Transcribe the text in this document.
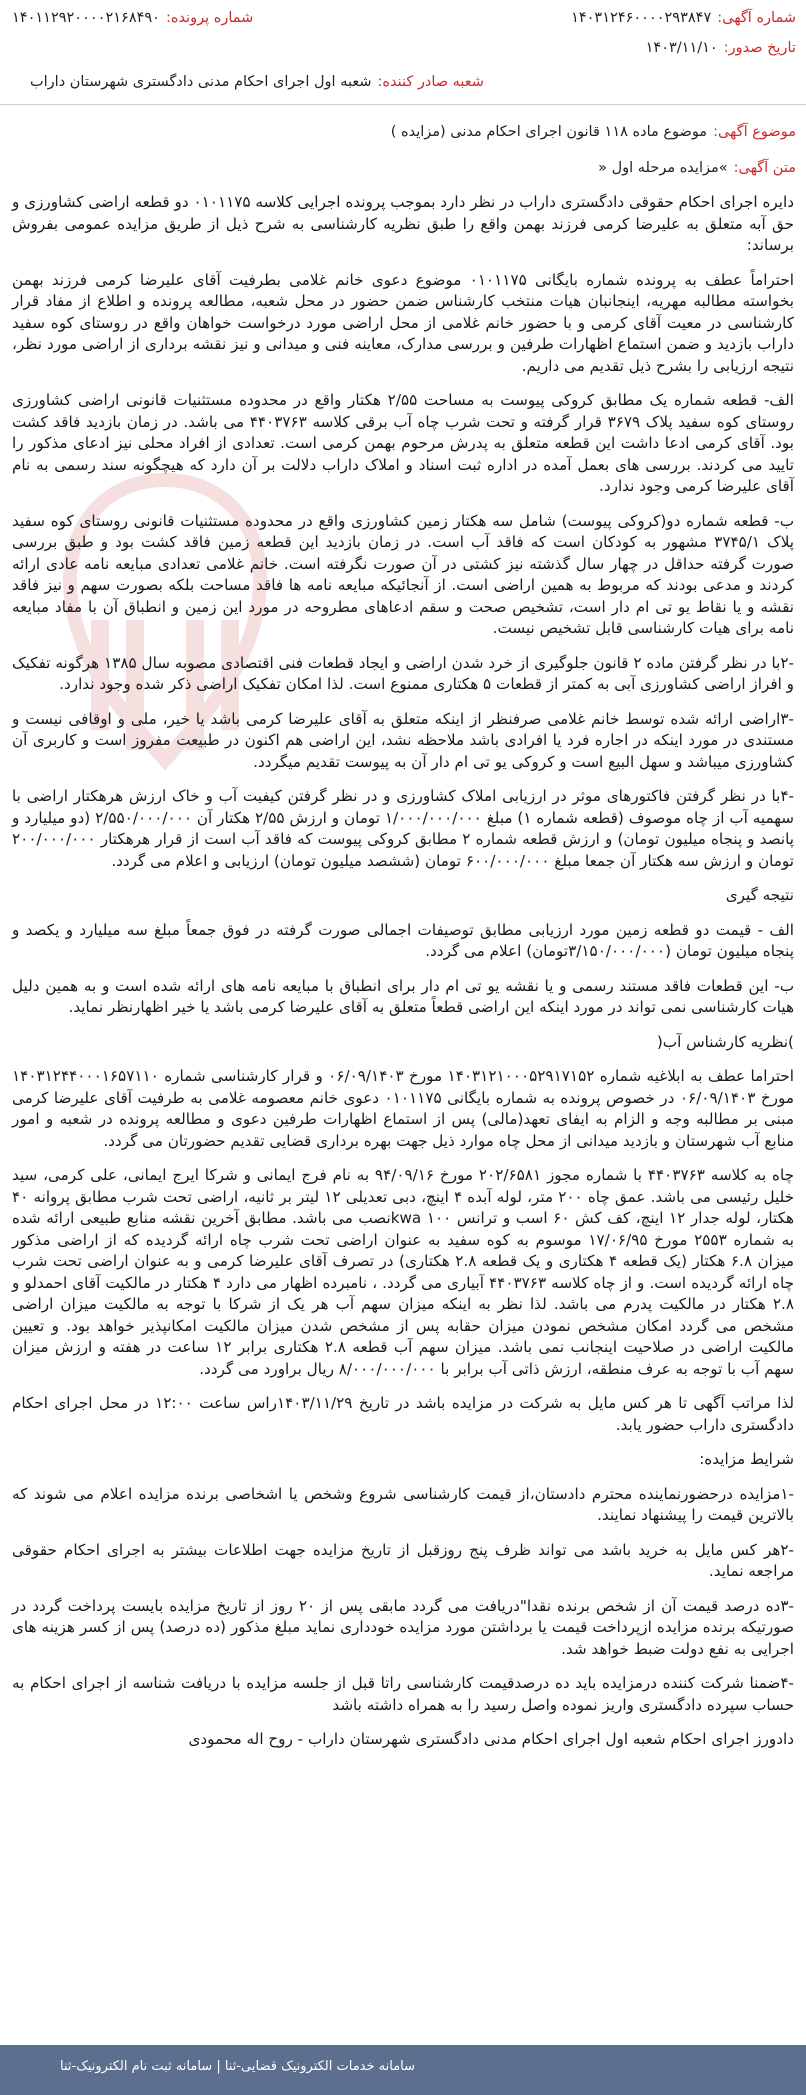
شماره آگهی:۱۴۰۳۱۲۴۶۰۰۰۰۲۹۳۸۴۷
شماره پرونده:۱۴۰۱۱۲۹۲۰۰۰۰۲۱۶۸۴۹۰
تاریخ صدور:۱۴۰۳/۱۱/۱۰
شعبه صادر کننده:شعبه اول اجرای احکام مدنی دادگستری شهرستان داراب
موضوع آگهی:موضوع ماده ۱۱۸ قانون اجرای احکام مدنی (مزایده )
متن آگهی:»مزایده مرحله اول «

دایره اجرای احکام حقوقی دادگستری داراب در نظر دارد بموجب پرونده اجرایی کلاسه ۰۱۰۱۱۷۵ دو قطعه اراضی کشاورزی و حق آبه متعلق به علیرضا کرمی فرزند بهمن واقع را طبق نظریه کارشناسی به شرح ذیل از طریق مزایده عمومی بفروش برساند:

احتراماً عطف به پرونده شماره بایگانی ۰۱۰۱۱۷۵ موضوع دعوی خانم غلامی بطرفیت آقای علیرضا کرمی فرزند بهمن بخواسته مطالبه مهریه، اینجانبان هیات منتخب کارشناس ضمن حضور در محل شعبه، مطالعه پرونده و اطلاع از مفاد قرار کارشناسی در معیت آقای کرمی و با حضور خانم غلامی از محل اراضی مورد درخواست خواهان واقع در روستای کوه سفید داراب بازدید و ضمن استماع اظهارات طرفین و بررسی مدارک، معاینه فنی و میدانی و نیز نقشه برداری از اراضی مورد نظر، نتیجه ارزیابی را بشرح ذیل تقدیم می داریم.

الف- قطعه شماره یک مطابق کروکی پیوست به مساحت ۲/۵۵ هکتار واقع در محدوده مستثنیات قانونی اراضی کشاورزی روستای کوه سفید پلاک ۳۶۷۹ قرار گرفته و تحت شرب چاه آب برقی کلاسه ۴۴۰۳۷۶۳ می باشد. در زمان بازدید فاقد کشت بود. آقای کرمی ادعا داشت این قطعه متعلق به پدرش مرحوم بهمن کرمی است. تعدادی از افراد محلی نیز ادعای مذکور را تایید می کردند. بررسی های بعمل آمده در اداره ثبت اسناد و املاک داراب دلالت بر آن دارد که هیچگونه سند رسمی به نام آقای علیرضا کرمی وجود ندارد.

ب- قطعه شماره دو(کروکی پیوست) شامل سه هکتار زمین کشاورزی واقع در محدوده مستثنیات قانونی روستای کوه سفید پلاک ۳۷۴۵/۱ مشهور به کودکان است که فاقد آب است. در زمان بازدید این قطعه زمین فاقد کشت بود و طبق بررسی صورت گرفته حداقل در چهار سال گذشته نیز کشتی در آن صورت نگرفته است. خانم غلامی تعدادی مبایعه نامه عادی ارائه کردند و مدعی بودند که مربوط به همین اراضی است. از آنجائیکه مبایعه نامه ها فاقد مساحت بلکه بصورت سهم و نیز فاقد نقشه و یا نقاط یو تی ام دار است، تشخیص صحت و سقم ادعاهای مطروحه در مورد این زمین و انطباق آن با مفاد مبایعه نامه برای هیات کارشناسی قابل تشخیص نیست.

-۲با در نظر گرفتن ماده ۲ قانون جلوگیری از خرد شدن اراضی و ایجاد قطعات فنی اقتصادی مصوبه سال ۱۳۸۵ هرگونه تفکیک و افراز اراضی کشاورزی آبی به کمتر از قطعات ۵ هکتاری ممنوع است. لذا امکان تفکیک اراضی ذکر شده وجود ندارد.

-۳اراضی ارائه شده توسط خانم غلامی صرفنظر از اینکه متعلق به آقای علیرضا کرمی باشد یا خیر، ملی و اوقافی نیست و مستندی در مورد اینکه در اجاره فرد یا افرادی باشد ملاحظه نشد، این اراضی هم اکنون در طبیعت مفروز است و کاربری آن کشاورزی میباشد و سهل البیع است و کروکی یو تی ام دار آن به پیوست تقدیم میگردد.

-۴با در نظر گرفتن فاکتورهای موثر در ارزیابی املاک کشاورزی و در نظر گرفتن کیفیت آب و خاک ارزش هرهکتار اراضی با سهمیه آب از چاه موصوف (قطعه شماره ۱) مبلغ ۱/۰۰۰/۰۰۰/۰۰۰ تومان و ارزش ۲/۵۵ هکتار آن ۲/۵۵۰/۰۰۰/۰۰۰ (دو میلیارد و پانصد و پنجاه میلیون تومان) و ارزش قطعه شماره ۲ مطابق کروکی پیوست که فاقد آب است از قرار هرهکتار ۲۰۰/۰۰۰/۰۰۰ تومان و ارزش سه هکتار آن جمعا مبلغ ۶۰۰/۰۰۰/۰۰۰ تومان (ششصد میلیون تومان) ارزیابی و اعلام می گردد.

نتیجه گیری

الف - قیمت دو قطعه زمین مورد ارزیابی مطابق توصیفات اجمالی صورت گرفته در فوق جمعاً مبلغ سه میلیارد و یکصد و پنجاه میلیون تومان (۳/۱۵۰/۰۰۰/۰۰۰تومان) اعلام می گردد.

ب- این قطعات فاقد مستند رسمی و یا نقشه یو تی ام دار برای انطباق با مبایعه نامه های ارائه شده است و به همین دلیل هیات کارشناسی نمی تواند در مورد اینکه این اراضی قطعاً متعلق به آقای علیرضا کرمی باشد یا خیر اظهارنظر نماید.

)نظریه کارشناس آب(

احتراما عطف به ابلاغیه شماره ۱۴۰۳۱۲۱۰۰۰۵۲۹۱۷۱۵۲ مورخ ۰۶/۰۹/۱۴۰۳ و قرار کارشناسی شماره ۱۴۰۳۱۲۴۴۰۰۰۱۶۵۷۱۱۰ مورخ ۰۶/۰۹/۱۴۰۳ در خصوص پرونده به شماره بایگانی ۰۱۰۱۱۷۵ دعوی خانم معصومه غلامی به طرفیت آقای علیرضا کرمی مبنی بر مطالبه وجه و الزام به ایفای تعهد(مالی) پس از استماع اظهارات طرفین دعوی و مطالعه پرونده در شعبه و امور منابع آب شهرستان و بازدید میدانی از محل چاه موارد ذیل جهت بهره برداری قضایی تقدیم حضورتان می گردد.

چاه به کلاسه ۴۴۰۳۷۶۳ با شماره مجوز ۲۰۲/۶۵۸۱ مورخ ۹۴/۰۹/۱۶ به نام فرج ایمانی و شرکا ایرج ایمانی، علی کرمی، سید خلیل رئیسی می باشد. عمق چاه ۲۰۰ متر، لوله آبده ۴ اینچ، دبی تعدیلی ۱۲ لیتر بر ثانیه، اراضی تحت شرب مطابق پروانه ۴۰ هکتار، لوله جدار ۱۲ اینچ، کف کش ۶۰ اسب و ترانس ۱۰۰ kwaنصب می باشد. مطابق آخرین نقشه منابع طبیعی ارائه شده به شماره ۲۵۵۳ مورخ ۱۷/۰۶/۹۵ موسوم به کوه سفید به عنوان اراضی تحت شرب چاه ارائه گردیده که از اراضی مذکور میزان ۶.۸ هکتار (یک قطعه ۴ هکتاری و یک قطعه ۲.۸ هکتاری) در تصرف آقای علیرضا کرمی و به عنوان اراضی تحت شرب چاه ارائه گردیده است. و از چاه کلاسه ۴۴۰۳۷۶۳ آبیاری می گردد. ، نامبرده اظهار می دارد ۴ هکتار در مالکیت آقای احمدلو و ۲.۸ هکتار در مالکیت پدرم می باشد. لذا نظر به اینکه میزان سهم آب هر یک از شرکا با توجه به مالکیت میزان اراضی مشخص می گردد امکان مشخص نمودن میزان حقابه پس از مشخص شدن میزان مالکیت امکانپذیر خواهد بود. و تعیین مالکیت اراضی در صلاحیت اینجانب نمی باشد. میزان سهم آب قطعه ۲.۸ هکتاری برابر ۱۲ ساعت در هفته و ارزش میزان سهم آب با توجه به عرف منطقه، ارزش ذاتی آب برابر با ۸/۰۰۰/۰۰۰/۰۰۰ ریال براورد می گردد.

لذا مراتب آگهی تا هر کس مایل به شرکت در مزایده باشد در تاریخ ۱۴۰۳/۱۱/۲۹راس ساعت ۱۲:۰۰ در محل اجرای احکام دادگستری داراب حضور یابد.

شرایط مزایده:

-۱مزایده درحضورنماینده محترم دادستان،از قیمت کارشناسی شروع وشخص یا اشخاصی برنده مزایده اعلام می شوند که بالاترین قیمت را پیشنهاد نمایند.

-۲هر کس مایل به خرید باشد می تواند ظرف پنج روزقبل از تاریخ مزایده جهت اطلاعات بیشتر به اجرای احکام حقوقی مراجعه نماید.

-۳ده درصد قیمت آن از شخص برنده نقدا"دریافت می گردد مابقی پس از ۲۰ روز از تاریخ مزایده بایست پرداخت گردد در صورتیکه برنده مزایده ازپرداخت قیمت یا برداشتن مورد مزایده خودداری نماید مبلغ مذکور (ده درصد) پس از کسر هزینه های اجرایی به نفع دولت ضبط خواهد شد.

-۴ضمنا شرکت کننده درمزایده باید ده درصدقیمت کارشناسی راتا قبل از جلسه مزایده با دریافت شناسه از اجرای احکام به حساب سپرده دادگستری واریز نموده واصل رسید را به همراه داشته باشد

دادورز اجرای احکام شعبه اول اجرای احکام مدنی دادگستری شهرستان داراب - روح اله محمودی

سامانه خدمات الکترونیک قضایی-ثنا | سامانه ثبت نام الکترونیک-ثنا
